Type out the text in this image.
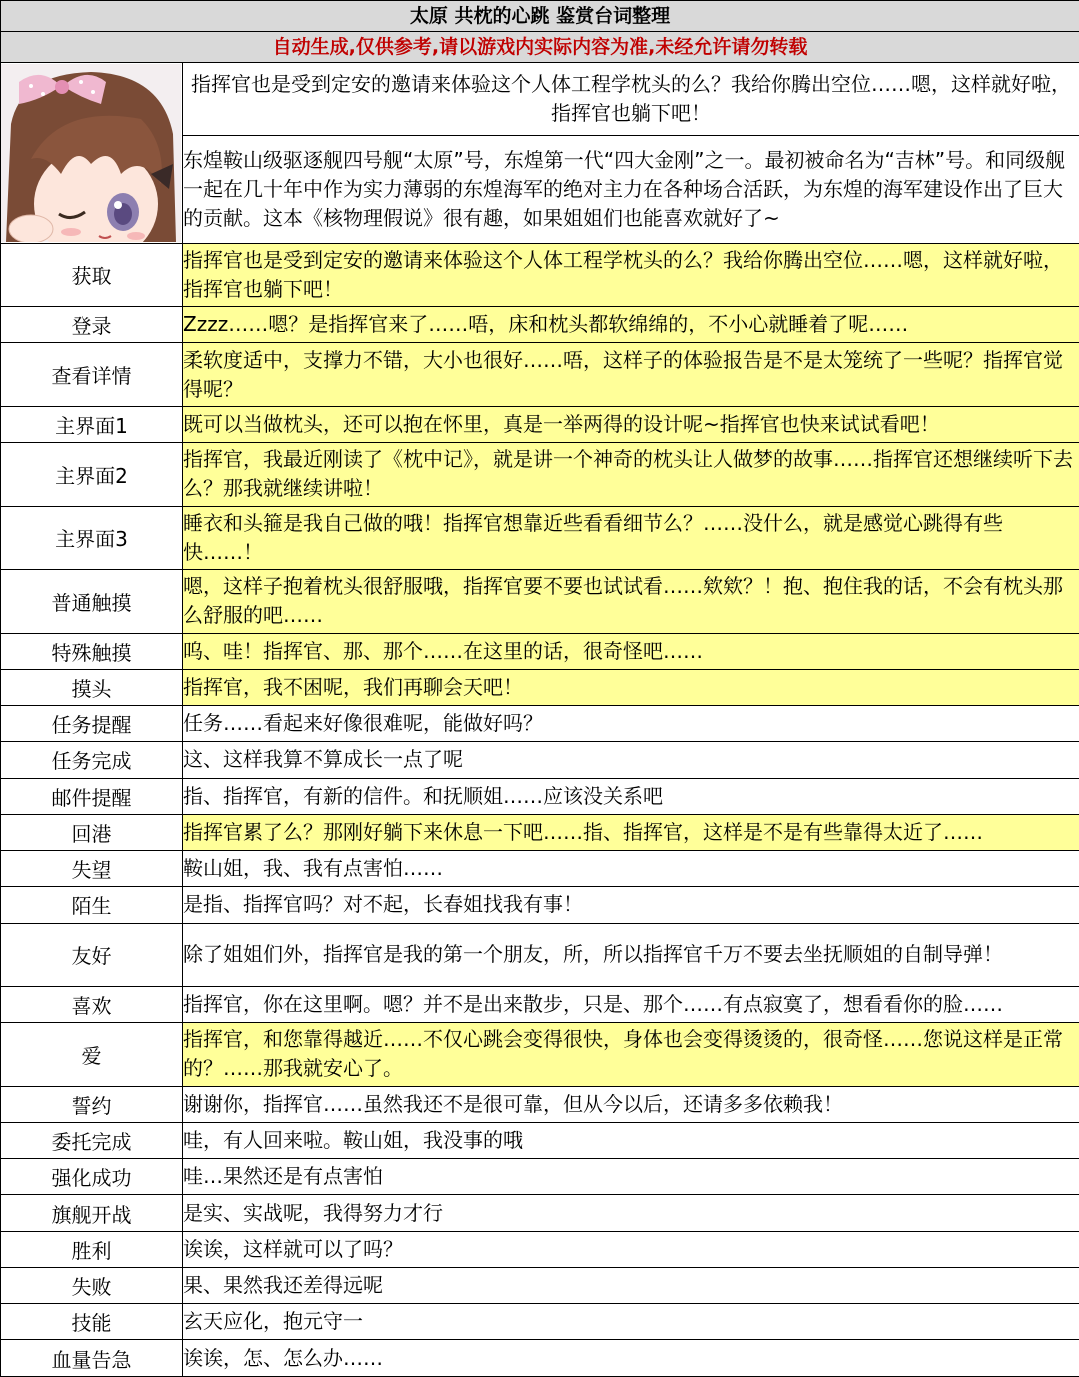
太原 共枕的心跳 鉴赏台词整理	
自动生成,仅供参考,请以游戏内实际内容为准,未经允许请勿转载	

	指挥官也是受到定安的邀请来体验这个人体工程学枕头的么？我给你腾出空位……嗯，这样就好啦，指挥官也躺下吧！
	东煌鞍山级驱逐舰四号舰“太原”号，东煌第一代“四大金刚”之一。最初被命名为“吉林”号。和同级舰一起在几十年中作为实力薄弱的东煌海军的绝对主力在各种场合活跃，为东煌的海军建设作出了巨大的贡献。这本《核物理假说》很有趣，如果姐姐们也能喜欢就好了~
获取	指挥官也是受到定安的邀请来体验这个人体工程学枕头的么？我给你腾出空位……嗯，这样就好啦，指挥官也躺下吧！
登录	Zzzz……嗯？是指挥官来了……唔，床和枕头都软绵绵的，不小心就睡着了呢……
查看详情	柔软度适中，支撑力不错，大小也很好……唔，这样子的体验报告是不是太笼统了一些呢？指挥官觉得呢？
主界面1	既可以当做枕头，还可以抱在怀里，真是一举两得的设计呢~指挥官也快来试试看吧！
主界面2	指挥官，我最近刚读了《枕中记》，就是讲一个神奇的枕头让人做梦的故事……指挥官还想继续听下去么？那我就继续讲啦！
主界面3	睡衣和头箍是我自己做的哦！指挥官想靠近些看看细节么？……没什么，就是感觉心跳得有些快……！
普通触摸	嗯，这样子抱着枕头很舒服哦，指挥官要不要也试试看……欸欸？！抱、抱住我的话，不会有枕头那么舒服的吧……
特殊触摸	呜、哇！指挥官、那、那个……在这里的话，很奇怪吧……
摸头	指挥官，我不困呢，我们再聊会天吧！
任务提醒	任务……看起来好像很难呢，能做好吗？
任务完成	这、这样我算不算成长一点了呢
邮件提醒	指、指挥官，有新的信件。和抚顺姐……应该没关系吧
回港	指挥官累了么？那刚好躺下来休息一下吧……指、指挥官，这样是不是有些靠得太近了……
失望	鞍山姐，我、我有点害怕……
陌生	是指、指挥官吗？对不起，长春姐找我有事！
友好	除了姐姐们外，指挥官是我的第一个朋友，所，所以指挥官千万不要去坐抚顺姐的自制导弹！
喜欢	指挥官，你在这里啊。嗯？并不是出来散步，只是、那个……有点寂寞了，想看看你的脸……
爱	指挥官，和您靠得越近……不仅心跳会变得很快，身体也会变得烫烫的，很奇怪……您说这样是正常的？……那我就安心了。
誓约	谢谢你，指挥官……虽然我还不是很可靠，但从今以后，还请多多依赖我！
委托完成	哇，有人回来啦。鞍山姐，我没事的哦
强化成功	哇…果然还是有点害怕
旗舰开战	是实、实战呢，我得努力才行
胜利	诶诶，这样就可以了吗？
失败	果、果然我还差得远呢
技能	玄天应化，抱元守一
血量告急	诶诶，怎、怎么办……
